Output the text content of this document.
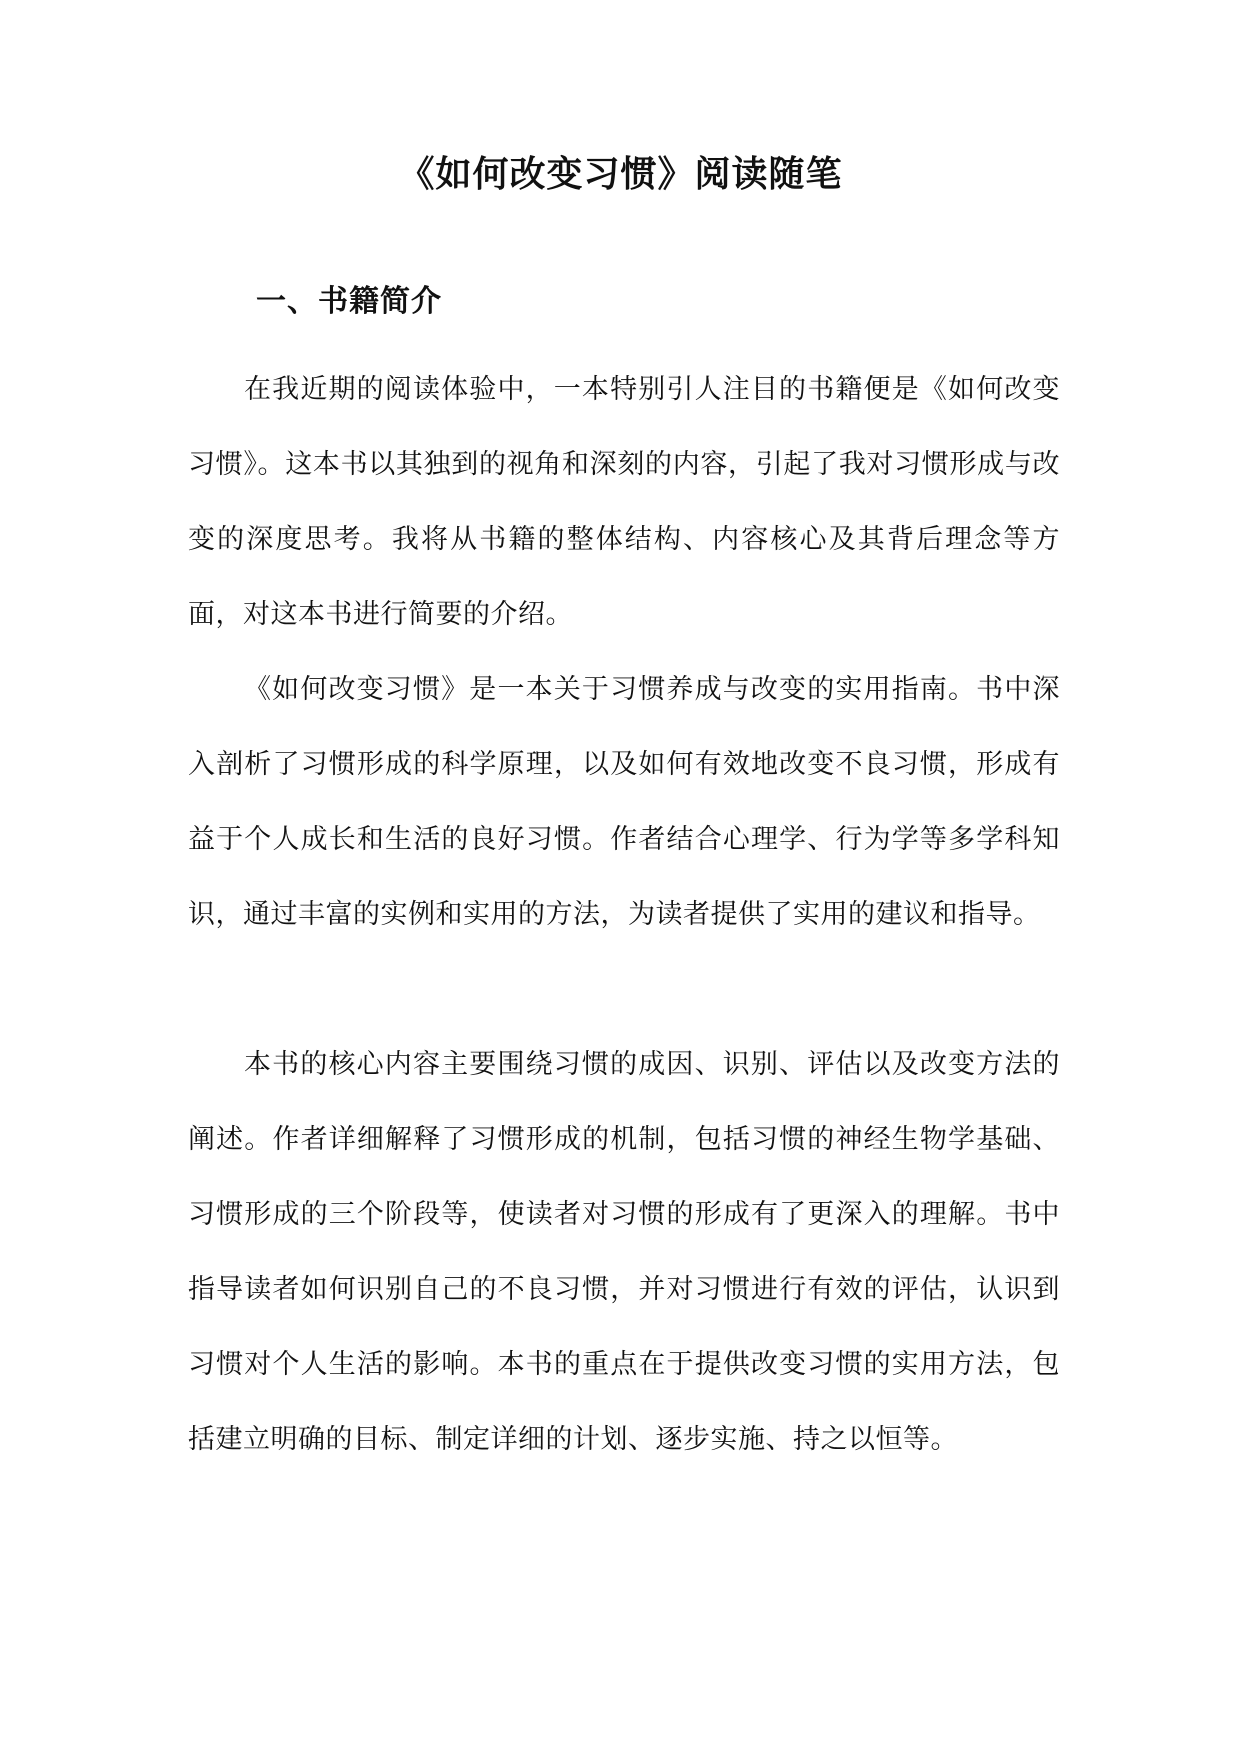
《如何改变习惯》阅读随笔
一、书籍简介

在我近期的阅读体验中，一本特别引人注目的书籍便是《如何改变习惯》。这本书以其独到的视角和深刻的内容，引起了我对习惯形成与改变的深度思考。我将从书籍的整体结构、内容核心及其背后理念等方面，对这本书进行简要的介绍。

《如何改变习惯》是一本关于习惯养成与改变的实用指南。书中深入剖析了习惯形成的科学原理，以及如何有效地改变不良习惯，形成有益于个人成长和生活的良好习惯。作者结合心理学、行为学等多学科知识，通过丰富的实例和实用的方法，为读者提供了实用的建议和指导。

本书的核心内容主要围绕习惯的成因、识别、评估以及改变方法的阐述。作者详细解释了习惯形成的机制，包括习惯的神经生物学基础、习惯形成的三个阶段等，使读者对习惯的形成有了更深入的理解。书中指导读者如何识别自己的不良习惯，并对习惯进行有效的评估，认识到习惯对个人生活的影响。本书的重点在于提供改变习惯的实用方法，包括建立明确的目标、制定详细的计划、逐步实施、持之以恒等。
